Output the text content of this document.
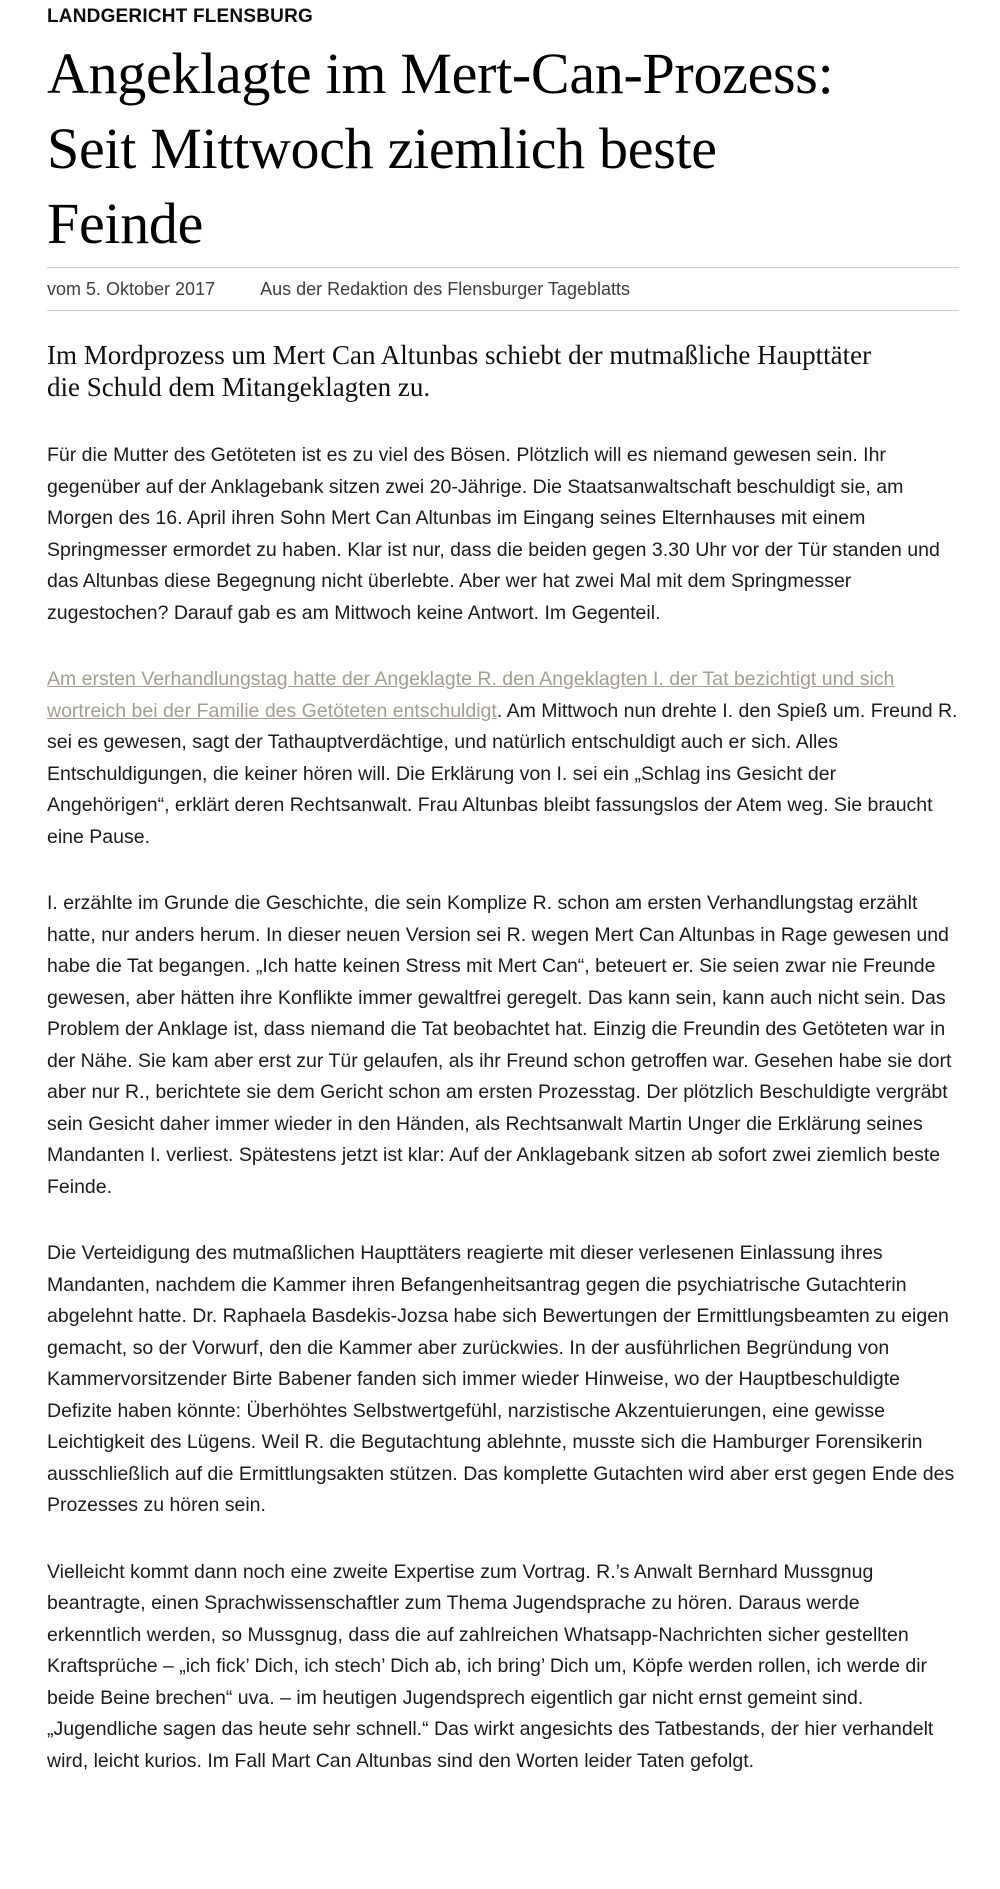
LANDGERICHT FLENSBURG
Angeklagte im Mert-Can-Prozess: Seit Mittwoch ziemlich beste Feinde
vom 5. Oktober 2017	Aus der Redaktion des Flensburger Tageblatts

Im Mordprozess um Mert Can Altunbas schiebt der mutmaßliche Haupttäter die Schuld dem Mitangeklagten zu.

Für die Mutter des Getöteten ist es zu viel des Bösen. Plötzlich will es niemand gewesen sein. Ihr gegenüber auf der Anklagebank sitzen zwei 20-Jährige. Die Staatsanwaltschaft beschuldigt sie, am Morgen des 16. April ihren Sohn Mert Can Altunbas im Eingang seines Elternhauses mit einem Springmesser ermordet zu haben. Klar ist nur, dass die beiden gegen 3.30 Uhr vor der Tür standen und das Altunbas diese Begegnung nicht überlebte. Aber wer hat zwei Mal mit dem Springmesser zugestochen? Darauf gab es am Mittwoch keine Antwort. Im Gegenteil.

Am ersten Verhandlungstag hatte der Angeklagte R. den Angeklagten I. der Tat bezichtigt und sich wortreich bei der Familie des Getöteten entschuldigt. Am Mittwoch nun drehte I. den Spieß um. Freund R. sei es gewesen, sagt der Tathauptverdächtige, und natürlich entschuldigt auch er sich. Alles Entschuldigungen, die keiner hören will. Die Erklärung von I. sei ein „Schlag ins Gesicht der Angehörigen“, erklärt deren Rechtsanwalt. Frau Altunbas bleibt fassungslos der Atem weg. Sie braucht eine Pause.

I. erzählte im Grunde die Geschichte, die sein Komplize R. schon am ersten Verhandlungstag erzählt hatte, nur anders herum. In dieser neuen Version sei R. wegen Mert Can Altunbas in Rage gewesen und habe die Tat begangen. „Ich hatte keinen Stress mit Mert Can“, beteuert er. Sie seien zwar nie Freunde gewesen, aber hätten ihre Konflikte immer gewaltfrei geregelt. Das kann sein, kann auch nicht sein. Das Problem der Anklage ist, dass niemand die Tat beobachtet hat. Einzig die Freundin des Getöteten war in der Nähe. Sie kam aber erst zur Tür gelaufen, als ihr Freund schon getroffen war. Gesehen habe sie dort aber nur R., berichtete sie dem Gericht schon am ersten Prozesstag. Der plötzlich Beschuldigte vergräbt sein Gesicht daher immer wieder in den Händen, als Rechtsanwalt Martin Unger die Erklärung seines Mandanten I. verliest. Spätestens jetzt ist klar: Auf der Anklagebank sitzen ab sofort zwei ziemlich beste Feinde.

Die Verteidigung des mutmaßlichen Haupttäters reagierte mit dieser verlesenen Einlassung ihres Mandanten, nachdem die Kammer ihren Befangenheitsantrag gegen die psychiatrische Gutachterin abgelehnt hatte. Dr. Raphaela Basdekis-Jozsa habe sich Bewertungen der Ermittlungsbeamten zu eigen gemacht, so der Vorwurf, den die Kammer aber zurückwies. In der ausführlichen Begründung von Kammervorsitzender Birte Babener fanden sich immer wieder Hinweise, wo der Hauptbeschuldigte Defizite haben könnte: Überhöhtes Selbstwertgefühl, narzistische Akzentuierungen, eine gewisse Leichtigkeit des Lügens. Weil R. die Begutachtung ablehnte, musste sich die Hamburger Forensikerin ausschließlich auf die Ermittlungsakten stützen. Das komplette Gutachten wird aber erst gegen Ende des Prozesses zu hören sein.

Vielleicht kommt dann noch eine zweite Expertise zum Vortrag. R.’s Anwalt Bernhard Mussgnug beantragte, einen Sprachwissenschaftler zum Thema Jugendsprache zu hören. Daraus werde erkenntlich werden, so Mussgnug, dass die auf zahlreichen Whatsapp-Nachrichten sicher gestellten Kraftsprüche – „ich fick’ Dich, ich stech’ Dich ab, ich bring’ Dich um, Köpfe werden rollen, ich werde dir beide Beine brechen“ uva. – im heutigen Jugendsprech eigentlich gar nicht ernst gemeint sind. „Jugendliche sagen das heute sehr schnell.“ Das wirkt angesichts des Tatbestands, der hier verhandelt wird, leicht kurios. Im Fall Mart Can Altunbas sind den Worten leider Taten gefolgt.
